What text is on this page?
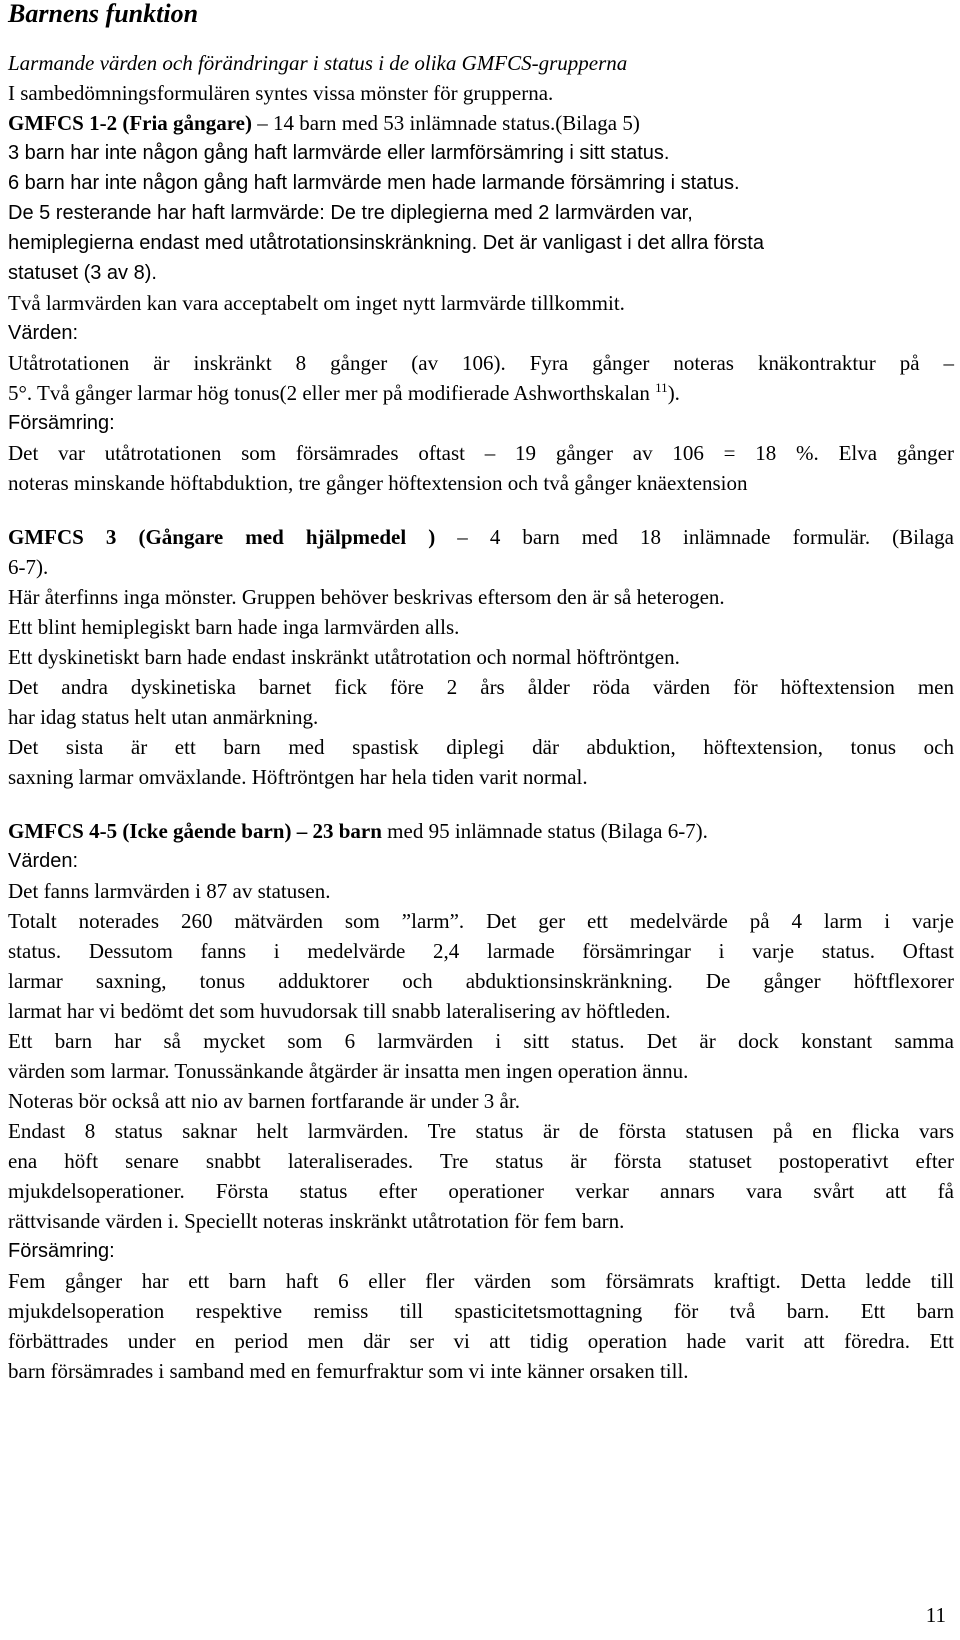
Barnens funktion
Larmande värden och förändringar i status i de olika GMFCS-grupperna
I sambedömningsformulären syntes vissa mönster för grupperna.
GMFCS 1-2 (Fria gångare) – 14 barn med 53 inlämnade status.(Bilaga 5)
3 barn har inte någon gång haft larmvärde eller larmförsämring i sitt status.
6 barn har inte någon gång haft larmvärde men hade larmande försämring i status.
De 5 resterande har haft larmvärde: De tre diplegierna med 2 larmvärden var,
hemiplegierna endast med utåtrotationsinskränkning. Det är vanligast i det allra första
statuset (3 av 8).
Två larmvärden kan vara acceptabelt om inget nytt larmvärde tillkommit.
Värden:
Utåtrotationen är inskränkt 8 gånger (av 106). Fyra gånger noteras knäkontraktur på –
5°. Två gånger larmar hög tonus(2 eller mer på modifierade Ashworthskalan $^{11}$).
Försämring:
Det var utåtrotationen som försämrades oftast – 19 gånger av 106 = 18 %. Elva gånger
noteras minskande höftabduktion, tre gånger höftextension och två gånger knäextension
GMFCS 3 (Gångare med hjälpmedel ) – 4 barn med 18 inlämnade formulär. (Bilaga
6-7).
Här återfinns inga mönster. Gruppen behöver beskrivas eftersom den är så heterogen.
Ett blint hemiplegiskt barn hade inga larmvärden alls.
Ett dyskinetiskt barn hade endast inskränkt utåtrotation och normal höftröntgen.
Det andra dyskinetiska barnet fick före 2 års ålder röda värden för höftextension men
har idag status helt utan anmärkning.
Det sista är ett barn med spastisk diplegi där abduktion, höftextension, tonus och
saxning larmar omväxlande. Höftröntgen har hela tiden varit normal.
GMFCS 4-5 (Icke gående barn) – 23 barn med 95 inlämnade status (Bilaga 6-7).
Värden:
Det fanns larmvärden i 87 av statusen.
Totalt noterades 260 mätvärden som ”larm”. Det ger ett medelvärde på 4 larm i varje
status. Dessutom fanns i medelvärde 2,4 larmade försämringar i varje status. Oftast
larmar saxning, tonus adduktorer och abduktionsinskränkning. De gånger höftflexorer
larmat har vi bedömt det som huvudorsak till snabb lateralisering av höftleden.
Ett barn har så mycket som 6 larmvärden i sitt status. Det är dock konstant samma
värden som larmar. Tonussänkande åtgärder är insatta men ingen operation ännu.
Noteras bör också att nio av barnen fortfarande är under 3 år.
Endast 8 status saknar helt larmvärden. Tre status är de första statusen på en flicka vars
ena höft senare snabbt lateraliserades. Tre status är första statuset postoperativt efter
mjukdelsoperationer. Första status efter operationer verkar annars vara svårt att få
rättvisande värden i. Speciellt noteras inskränkt utåtrotation för fem barn.
Försämring:
Fem gånger har ett barn haft 6 eller fler värden som försämrats kraftigt. Detta ledde till
mjukdelsoperation respektive remiss till spasticitetsmottagning för två barn. Ett barn
förbättrades under en period men där ser vi att tidig operation hade varit att föredra. Ett
barn försämrades i samband med en femurfraktur som vi inte känner orsaken till.
11
